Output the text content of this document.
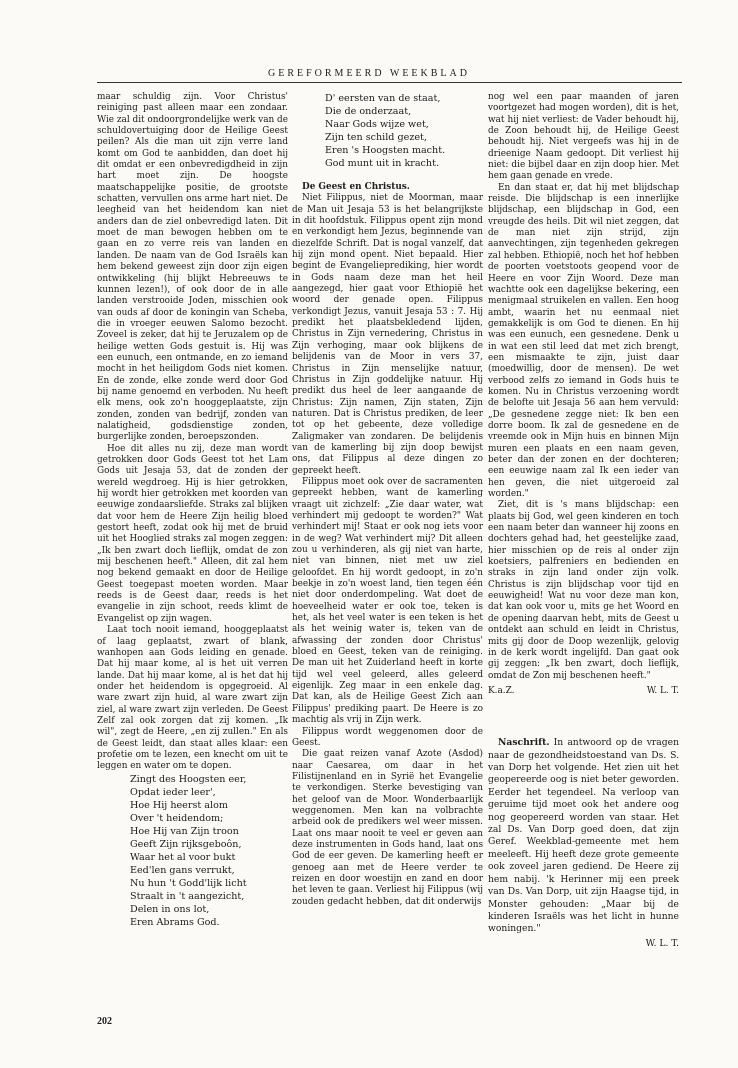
GEREFORMEERD WEEKBLAD

maar schuldig zijn. Voor Christus' reiniging past alleen maar een zondaar. Wie zal dit ondoorgrondelijke werk van de schuldovertuiging door de Heilige Geest peilen? Als die man uit zijn verre land komt om God te aanbidden, dan doet hij dit omdat er een onbevredigdheid in zijn hart moet zijn. De hoogste maatschappelijke positie, de grootste schatten, vervullen ons arme hart niet. De leegheid van het heidendom kan niet anders dan de ziel onbevredigd laten. Dit moet de man bewogen hebben om te gaan en zo verre reis van landen en landen. De naam van de God Israëls kan hem bekend geweest zijn door zijn eigen ontwikkeling (hij blijkt Hebreeuws te kunnen lezen!), of ook door de in alle landen verstrooide Joden, misschien ook van ouds af door de koningin van Scheba, die in vroeger eeuwen Salomo bezocht. Zoveel is zeker, dat hij te Jeruzalem op de heilige wetten Gods gestuit is. Hij was een eunuch, een ontmande, en zo iemand mocht in het heiligdom Gods niet komen. En de zonde, elke zonde werd door God bij name genoemd en verboden. Nu heeft elk mens, ook zo'n hooggeplaatste, zijn zonden, zonden van bedrijf, zonden van nalatigheid, godsdienstige zonden, burgerlijke zonden, beroepszonden.

Hoe dit alles nu zij, deze man wordt getrokken door Gods Geest tot het Lam Gods uit Jesaja 53, dat de zonden der wereld wegdroeg. Hij is hier getrokken, hij wordt hier getrokken met koorden van eeuwige zondaarsliefde. Straks zal blijken dat voor hem de Heere Zijn heilig bloed gestort heeft, zodat ook hij met de bruid uit het Hooglied straks zal mogen zeggen: „Ik ben zwart doch lieflijk, omdat de zon mij beschenen heeft." Alleen, dit zal hem nog bekend gemaakt en door de Heilige Geest toegepast moeten worden. Maar reeds is de Geest daar, reeds is het evangelie in zijn schoot, reeds klimt de Evangelist op zijn wagen.

Laat toch nooit iemand, hooggeplaatst of laag geplaatst, zwart of blank, wanhopen aan Gods leiding en genade. Dat hij maar kome, al is het uit verren lande. Dat hij maar kome, al is het dat hij onder het heidendom is opgegroeid. Al ware zwart zijn huid, al ware zwart zijn ziel, al ware zwart zijn verleden. De Geest Zelf zal ook zorgen dat zij komen. „Ik wil", zegt de Heere, „en zij zullen." En als de Geest leidt, dan staat alles klaar: een profetie om te lezen, een knecht om uit te leggen en water om te dopen.

Zingt des Hoogsten eer,
Opdat ieder leer',
Hoe Hij heerst alom
Over 't heidendom;
Hoe Hij van Zijn troon
Geeft Zijn rijksgeboôn,
Waar het al voor bukt
Eed'len gans verrukt,
Nu hun 't Godd'lijk licht
Straalt in 't aangezicht,
Delen in ons lot,
Eren Abrams God.
D' eersten van de staat,
Die de onderzaat,
Naar Gods wijze wet,
Zijn ten schild gezet,
Eren 's Hoogsten macht.
God munt uit in kracht.

De Geest en Christus.

Niet Filippus, niet de Moorman, maar de Man uit Jesaja 53 is het belangrijkste in dit hoofdstuk. Filippus opent zijn mond en verkondigt hem Jezus, beginnende van diezelfde Schrift. Dat is nogal vanzelf, dat hij zijn mond opent. Niet bepaald. Hier begint de Evangelieprediking, hier wordt in Gods naam deze man het heil aangezegd, hier gaat voor Ethiopië het woord der genade open. Filippus verkondigt Jezus, vanuit Jesaja 53 : 7. Hij predikt het plaatsbekledend lijden, Christus in Zijn vernedering, Christus in Zijn verhoging, maar ook blijkens de belijdenis van de Moor in vers 37, Christus in Zijn menselijke natuur, Christus in Zijn goddelijke natuur. Hij predikt dus heel de leer aangaande de Christus: Zijn namen, Zijn staten, Zijn naturen. Dat is Christus prediken, de leer tot op het gebeente, deze volledige Zaligmaker van zondaren. De belijdenis van de kamerling bij zijn doop bewijst ons, dat Filippus al deze dingen zo gepreekt heeft.

Filippus moet ook over de sacramenten gepreekt hebben, want de kamerling vraagt uit zichzelf: „Zie daar water, wat verhindert mij gedoopt te worden?" Wat verhindert mij! Staat er ook nog iets voor in de weg? Wat verhindert mij? Dit alleen zou u verhinderen, als gij niet van harte, niet van binnen, niet met uw ziel geloofdet. En hij wordt gedoopt, in zo'n beekje in zo'n woest land, tien tegen één niet door onderdompeling. Wat doet de hoeveelheid water er ook toe, teken is het, als het veel water is een teken is het als het weinig water is, teken van de afwassing der zonden door Christus' bloed en Geest, teken van de reiniging. De man uit het Zuiderland heeft in korte tijd wel veel geleerd, alles geleerd eigenlijk. Zeg maar in een enkele dag. Dat kan, als de Heilige Geest Zich aan Filippus' prediking paart. De Heere is zo machtig als vrij in Zijn werk.

Filippus wordt weggenomen door de Geest.

Die gaat reizen vanaf Azote (Asdod) naar Caesarea, om daar in het Filistijnenland en in Syrië het Evangelie te verkondigen. Sterke bevestiging van het geloof van de Moor. Wonderbaarlijk weggenomen. Men kan na volbrachte arbeid ook de predikers wel weer missen. Laat ons maar nooit te veel er geven aan deze instrumenten in Gods hand, laat ons God de eer geven. De kamerling heeft er genoeg aan met de Heere verder te reizen en door woestijn en zand en door het leven te gaan. Verliest hij Filippus (wij zouden gedacht hebben, dat dit onderwijs

nog wel een paar maanden of jaren voortgezet had mogen worden), dit is het, wat hij niet verliest: de Vader behoudt hij, de Zoon behoudt hij, de Heilige Geest behoudt hij. Niet vergeefs was hij in de drieenige Naam gedoopt. Dit verliest hij niet: die bijbel daar en zijn doop hier. Met hem gaan genade en vrede.

En dan staat er, dat hij met blijdschap reisde. Die blijdschap is een innerlijke blijdschap, een blijdschap in God, een vreugde des heils. Dit wil niet zeggen, dat de man niet zijn strijd, zijn aanvechtingen, zijn tegenheden gekregen zal hebben. Ethiopië, noch het hof hebben de poorten voetstoots geopend voor de Heere en voor Zijn Woord. Deze man wachtte ook een dagelijkse bekering, een menigmaal struikelen en vallen. Een hoog ambt, waarin het nu eenmaal niet gemakkelijk is om God te dienen. En hij was een eunuch, een gesnedene. Denk u in wat een stil leed dat met zich brengt, een mismaakte te zijn, juist daar (moedwillig, door de mensen). De wet verbood zelfs zo iemand in Gods huis te komen. Nu in Christus verzoening wordt de belofte uit Jesaja 56 aan hem vervuld: „De gesnedene zegge niet: Ik ben een dorre boom. Ik zal de gesnedene en de vreemde ook in Mijn huis en binnen Mijn muren een plaats en een naam geven, beter dan der zonen en der dochteren; een eeuwige naam zal Ik een ieder van hen geven, die niet uitgeroeid zal worden."

Ziet, dit is 's mans blijdschap: een plaats bij God, wel geen kinderen en toch een naam beter dan wanneer hij zoons en dochters gehad had, het geestelijke zaad, hier misschien op de reis al onder zijn koetsiers, palfreniers en bedienden en straks in zijn land onder zijn volk. Christus is zijn blijdschap voor tijd en eeuwigheid! Wat nu voor deze man kon, dat kan ook voor u, mits ge het Woord en de opening daarvan hebt, mits de Geest u ontdekt aan schuld en leidt in Christus, mits gij door de Doop wezenlijk, gelovig in de kerk wordt ingelijfd. Dan gaat ook gij zeggen: „Ik ben zwart, doch lieflijk, omdat de Zon mij beschenen heeft."

K.a.Z.	W. L. T.

Naschrift. In antwoord op de vragen naar de gezondheidstoestand van Ds. S. van Dorp het volgende. Het zien uit het geopereerde oog is niet beter geworden. Eerder het tegendeel. Na verloop van geruime tijd moet ook het andere oog nog geopereerd worden van staar. Het zal Ds. Van Dorp goed doen, dat zijn Geref. Weekblad-gemeente met hem meeleeft. Hij heeft deze grote gemeente ook zoveel jaren gediend. De Heere zij hem nabij. 'k Herinner mij een preek van Ds. Van Dorp, uit zijn Haagse tijd, in Monster gehouden: „Maar bij de kinderen Israëls was het licht in hunne woningen."

W. L. T.
202
